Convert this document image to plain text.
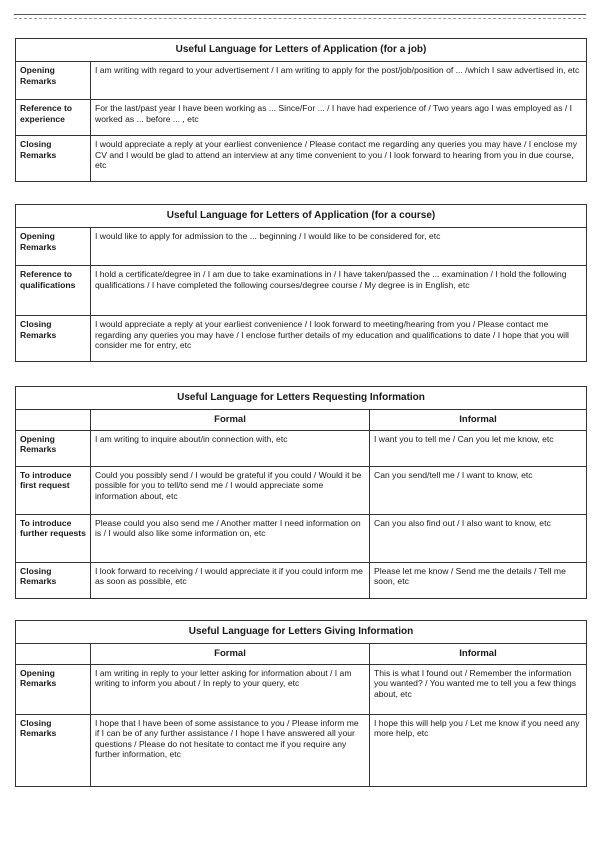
Useful Language for Letters of Application (for a job)	
Opening Remarks	I am writing with regard to your advertisement / I am writing to apply for the post/job/position of ... /which I saw advertised in, etc
Reference to experience	For the last/past year I have been working as ... Since/For ... / I have had experience of / Two years ago I was employed as / I worked as ... before ... , etc
Closing Remarks	I would appreciate a reply at your earliest convenience / Please contact me regarding any queries you may have / I enclose my CV and I would be glad to attend an interview at any time convenient to you / I look forward to hearing from you in due course, etc
Useful Language for Letters of Application (for a course)	
Opening Remarks	I would like to apply for admission to the ... beginning / I would like to be considered for, etc
Reference to qualifications	I hold a certificate/degree in / I am due to take examinations in / I have taken/passed the ... examination / I hold the following qualifications / I have completed the following courses/degree course / My degree is in English, etc
Closing Remarks	I would appreciate a reply at your earliest convenience / I look forward to meeting/hearing from you / Please contact me regarding any queries you may have / I enclose further details of my education and qualifications to date / I hope that you will consider me for entry, etc
Useful Language for Letters Requesting Information		
	Formal	Informal
Opening Remarks	I am writing to inquire about/in connection with, etc	I want you to tell me / Can you let me know, etc
To introduce first request	Could you possibly send / I would be grateful if you could / Would it be possible for you to tell/to send me / I would appreciate some information about, etc	Can you send/tell me / I want to know, etc
To introduce further requests	Please could you also send me / Another matter I need information on is / I would also like some information on, etc	Can you also find out / I also want to know, etc
Closing Remarks	I look forward to receiving / I would appreciate it if you could inform me as soon as possible, etc	Please let me know / Send me the details / Tell me soon, etc
Useful Language for Letters Giving Information		
	Formal	Informal
Opening Remarks	I am writing in reply to your letter asking for information about / I am writing to inform you about / In reply to your query, etc	This is what I found out / Remember the information you wanted? / You wanted me to tell you a few things about, etc
Closing Remarks	I hope that I have been of some assistance to you / Please inform me if I can be of any further assistance / I hope I have answered all your questions / Please do not hesitate to contact me if you require any further information, etc	I hope this will help you / Let me know if you need any more help, etc
